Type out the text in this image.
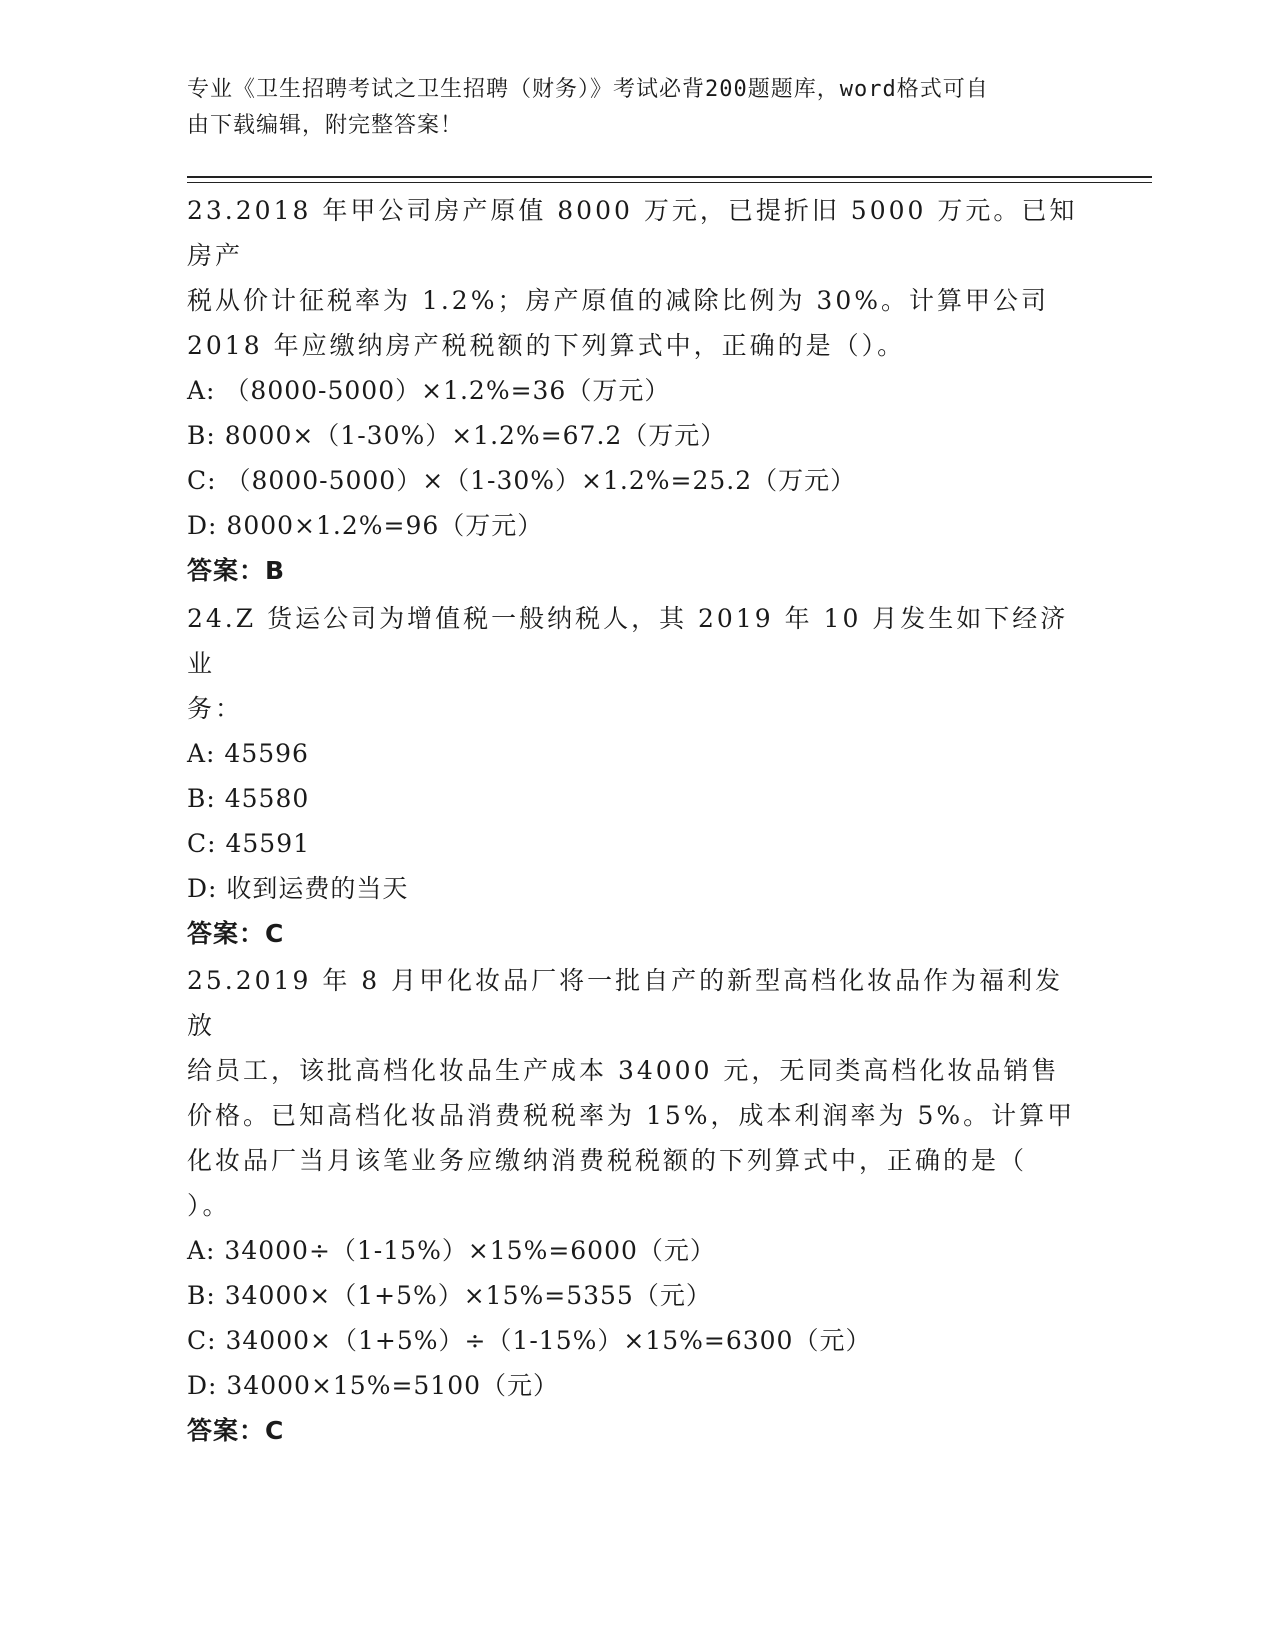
专业《卫生招聘考试之卫生招聘（财务）》考试必背200题题库，word格式可自
由下载编辑，附完整答案！

23.2018 年甲公司房产原值 8000 万元，已提折旧 5000 万元。已知房产

税从价计征税率为 1.2%；房产原值的减除比例为 30%。计算甲公司

2018 年应缴纳房产税税额的下列算式中，正确的是（）。

A: （8000-5000）×1.2%=36（万元）

B: 8000×（1-30%）×1.2%=67.2（万元）

C: （8000-5000）×（1-30%）×1.2%=25.2（万元）

D: 8000×1.2%=96（万元）

答案：B

24.Z 货运公司为增值税一般纳税人，其 2019 年 10 月发生如下经济业

务：

A: 45596

B: 45580

C: 45591

D: 收到运费的当天

答案：C

25.2019 年 8 月甲化妆品厂将一批自产的新型高档化妆品作为福利发放

给员工，该批高档化妆品生产成本 34000 元，无同类高档化妆品销售

价格。已知高档化妆品消费税税率为 15%，成本利润率为 5%。计算甲

化妆品厂当月该笔业务应缴纳消费税税额的下列算式中，正确的是（

）。

A: 34000÷（1-15%）×15%=6000（元）

B: 34000×（1+5%）×15%=5355（元）

C: 34000×（1+5%）÷（1-15%）×15%=6300（元）

D: 34000×15%=5100（元）

答案：C
